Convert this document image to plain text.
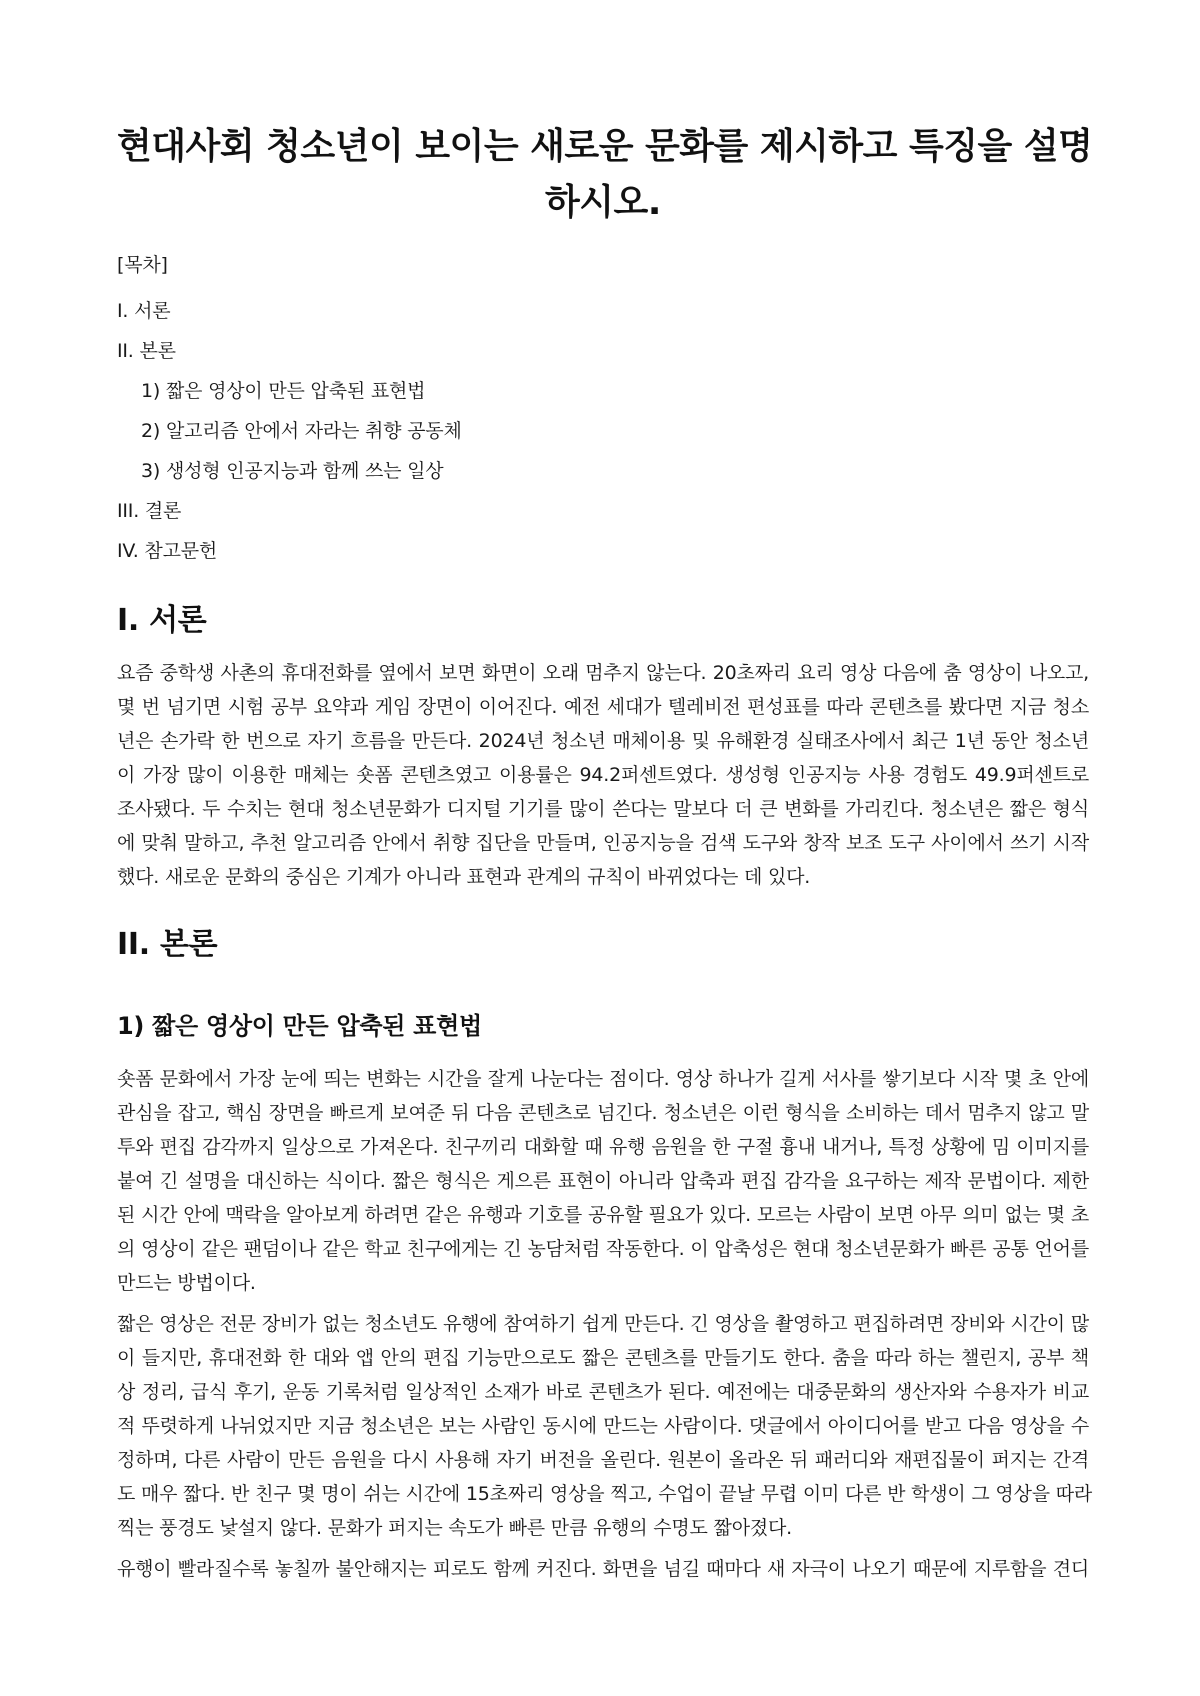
현대사회 청소년이 보이는 새로운 문화를 제시하고 특징을 설명
하시오.
[목차]
I. 서론
II. 본론
1) 짧은 영상이 만든 압축된 표현법
2) 알고리즘 안에서 자라는 취향 공동체
3) 생성형 인공지능과 함께 쓰는 일상
III. 결론
IV. 참고문헌
I. 서론
요즘 중학생 사촌의 휴대전화를 옆에서 보면 화면이 오래 멈추지 않는다. 20초짜리 요리 영상 다음에 춤 영상이 나오고,
몇 번 넘기면 시험 공부 요약과 게임 장면이 이어진다. 예전 세대가 텔레비전 편성표를 따라 콘텐츠를 봤다면 지금 청소
년은 손가락 한 번으로 자기 흐름을 만든다. 2024년 청소년 매체이용 및 유해환경 실태조사에서 최근 1년 동안 청소년
이 가장 많이 이용한 매체는 숏폼 콘텐츠였고 이용률은 94.2퍼센트였다. 생성형 인공지능 사용 경험도 49.9퍼센트로
조사됐다. 두 수치는 현대 청소년문화가 디지털 기기를 많이 쓴다는 말보다 더 큰 변화를 가리킨다. 청소년은 짧은 형식
에 맞춰 말하고, 추천 알고리즘 안에서 취향 집단을 만들며, 인공지능을 검색 도구와 창작 보조 도구 사이에서 쓰기 시작
했다. 새로운 문화의 중심은 기계가 아니라 표현과 관계의 규칙이 바뀌었다는 데 있다.
II. 본론
1) 짧은 영상이 만든 압축된 표현법
숏폼 문화에서 가장 눈에 띄는 변화는 시간을 잘게 나눈다는 점이다. 영상 하나가 길게 서사를 쌓기보다 시작 몇 초 안에
관심을 잡고, 핵심 장면을 빠르게 보여준 뒤 다음 콘텐츠로 넘긴다. 청소년은 이런 형식을 소비하는 데서 멈추지 않고 말
투와 편집 감각까지 일상으로 가져온다. 친구끼리 대화할 때 유행 음원을 한 구절 흉내 내거나, 특정 상황에 밈 이미지를
붙여 긴 설명을 대신하는 식이다. 짧은 형식은 게으른 표현이 아니라 압축과 편집 감각을 요구하는 제작 문법이다. 제한
된 시간 안에 맥락을 알아보게 하려면 같은 유행과 기호를 공유할 필요가 있다. 모르는 사람이 보면 아무 의미 없는 몇 초
의 영상이 같은 팬덤이나 같은 학교 친구에게는 긴 농담처럼 작동한다. 이 압축성은 현대 청소년문화가 빠른 공통 언어를
만드는 방법이다.
짧은 영상은 전문 장비가 없는 청소년도 유행에 참여하기 쉽게 만든다. 긴 영상을 촬영하고 편집하려면 장비와 시간이 많
이 들지만, 휴대전화 한 대와 앱 안의 편집 기능만으로도 짧은 콘텐츠를 만들기도 한다. 춤을 따라 하는 챌린지, 공부 책
상 정리, 급식 후기, 운동 기록처럼 일상적인 소재가 바로 콘텐츠가 된다. 예전에는 대중문화의 생산자와 수용자가 비교
적 뚜렷하게 나뉘었지만 지금 청소년은 보는 사람인 동시에 만드는 사람이다. 댓글에서 아이디어를 받고 다음 영상을 수
정하며, 다른 사람이 만든 음원을 다시 사용해 자기 버전을 올린다. 원본이 올라온 뒤 패러디와 재편집물이 퍼지는 간격
도 매우 짧다. 반 친구 몇 명이 쉬는 시간에 15초짜리 영상을 찍고, 수업이 끝날 무렵 이미 다른 반 학생이 그 영상을 따라
찍는 풍경도 낯설지 않다. 문화가 퍼지는 속도가 빠른 만큼 유행의 수명도 짧아졌다.
유행이 빨라질수록 놓칠까 불안해지는 피로도 함께 커진다. 화면을 넘길 때마다 새 자극이 나오기 때문에 지루함을 견디
